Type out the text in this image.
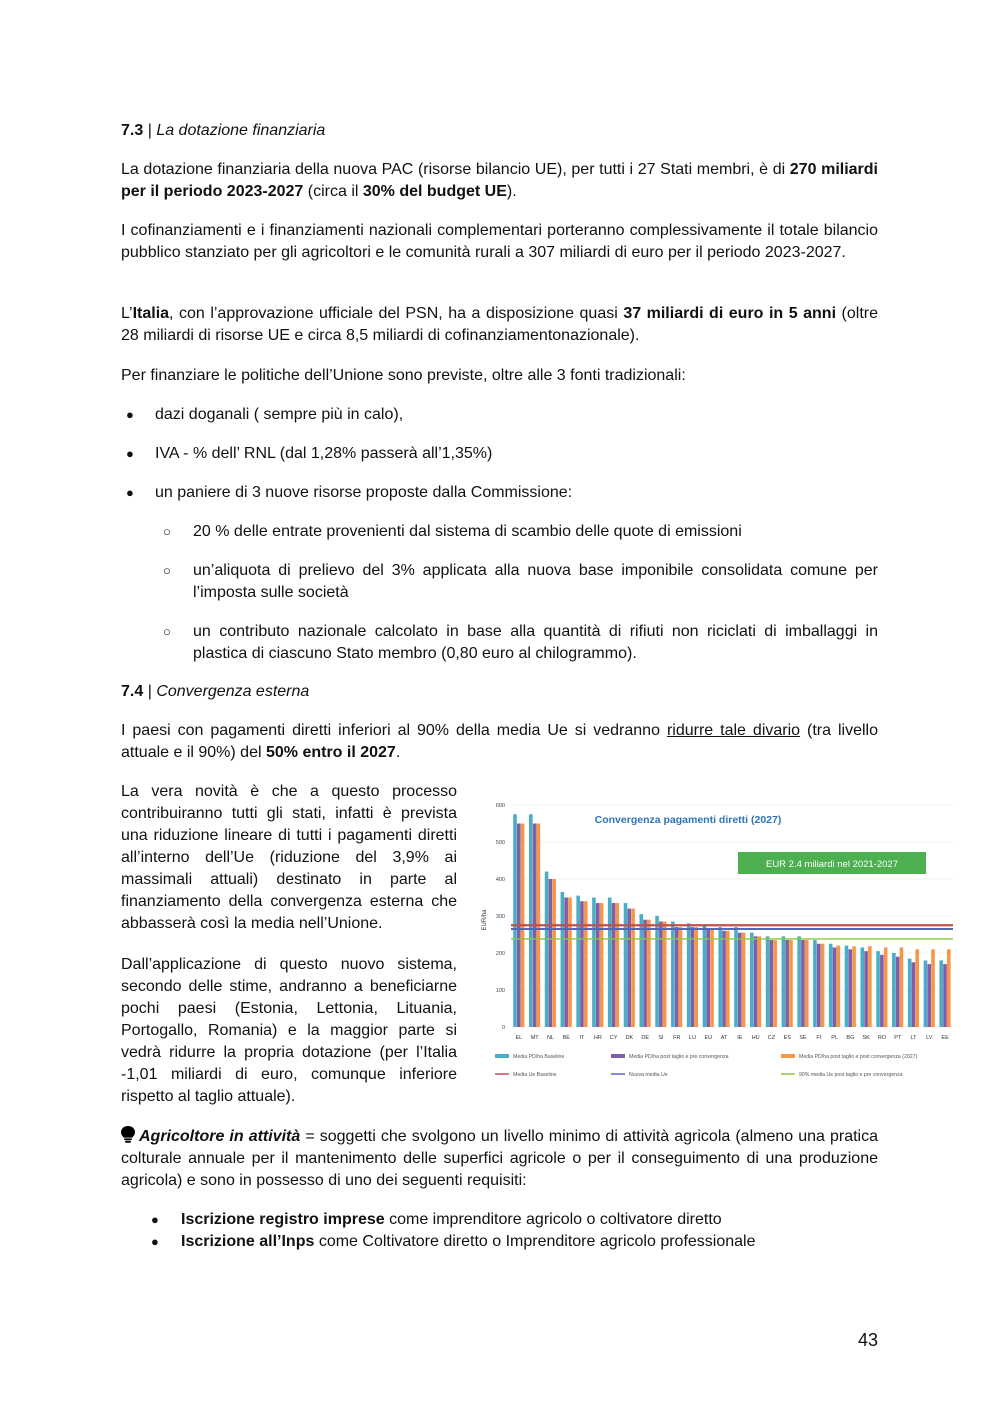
7.3 | La dotazione finanziaria

La dotazione finanziaria della nuova PAC (risorse bilancio UE), per tutti i 27 Stati membri, è di 270 miliardi per il periodo 2023-2027 (circa il 30% del budget UE).

I cofinanziamenti e i finanziamenti nazionali complementari porteranno complessivamente il totale bilancio pubblico stanziato per gli agricoltori e le comunità rurali a 307 miliardi di euro per il periodo 2023-2027.

L’Italia, con l’approvazione ufficiale del PSN, ha a disposizione quasi 37 miliardi di euro in 5 anni (oltre 28 miliardi di risorse UE e circa 8,5 miliardi di cofinanziamentonazionale).

Per finanziare le politiche dell’Unione sono previste, oltre alle 3 fonti tradizionali:

● dazi doganali ( sempre più in calo),
● IVA - % dell’ RNL (dal 1,28% passerà all’1,35%)
● un paniere di 3 nuove risorse proposte dalla Commissione:
○ 20 % delle entrate provenienti dal sistema di scambio delle quote di emissioni
○ un’aliquota di prelievo del 3% applicata alla nuova base imponibile consolidata comune per l’imposta sulle società
○ un contributo nazionale calcolato in base alla quantità di rifiuti non riciclati di imballaggi in plastica di ciascuno Stato membro (0,80 euro al chilogrammo).
7.4 | Convergenza esterna

I paesi con pagamenti diretti inferiori al 90% della media Ue si vedranno ridurre tale divario (tra livello attuale e il 90%) del 50% entro il 2027.

La vera novità è che a questo processo contribuiranno tutti gli stati, infatti è prevista una riduzione lineare di tutti i pagamenti diretti all’interno dell’Ue (riduzione del 3,9% ai massimali attuali) destinato in parte al finanziamento della convergenza esterna che abbasserà così la media nell’Unione.

Dall’applicazione di questo nuovo sistema, secondo delle stime, andranno a beneficiarne pochi paesi (Estonia, Lettonia, Lituania, Portogallo, Romania) e la maggior parte si vedrà ridurre la propria dotazione (per l’Italia -1,01 miliardi di euro, comunque inferiore rispetto al taglio attuale).

Agricoltore in attività = soggetti che svolgono un livello minimo di attività agricola (almeno una pratica colturale annuale per il mantenimento delle superfici agricole o per il conseguimento di una produzione agricola) e sono in possesso di uno dei seguenti requisiti:

● Iscrizione registro imprese come imprenditore agricolo o coltivatore diretto
● Iscrizione all’Inps come Coltivatore diretto o Imprenditore agricolo professionale
0
100
200
300
400
500
600
EL MT NL BE IT HR CY DK DE SI FR LU EU AT IE HU CZ ES SE FI PL BG SK RO PT LT LV EE
Convergenza pagamenti diretti (2027)
EUR 2.4 miliardi nel 2021-2027
EUR/ha
Media PD/ha Baseline	Media PD/ha post taglio e pre convergenza	Media PD/ha post taglio e post convergenza (2027)
Media Ue Baseline	Nuova media Ue	90% media Ue post taglio e pre convergenza
43
